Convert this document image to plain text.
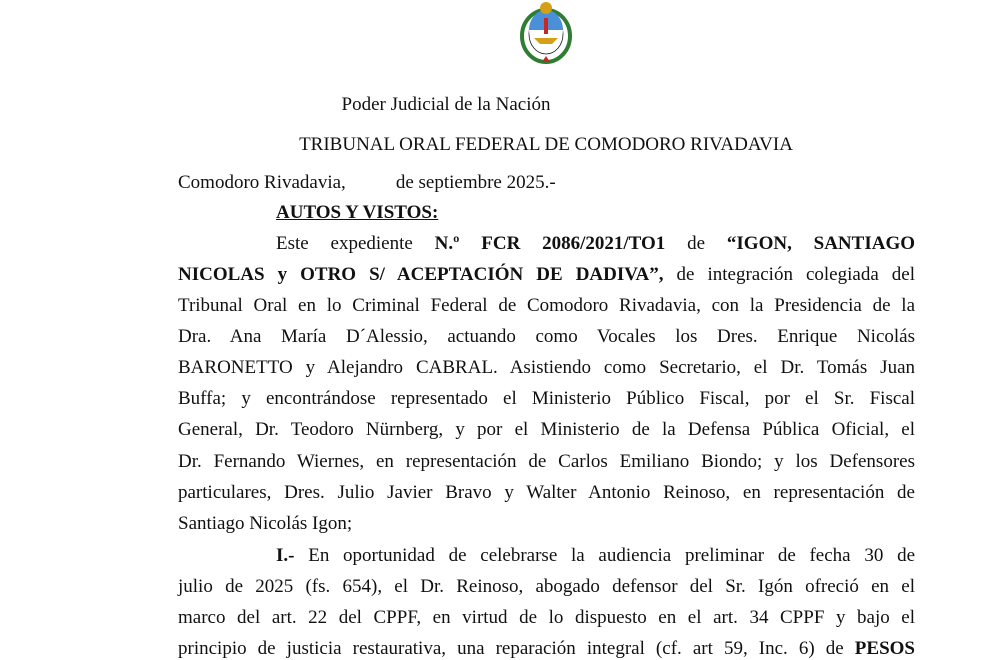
Poder Judicial de la Nación
TRIBUNAL ORAL FEDERAL DE COMODORO RIVADAVIA
Comodoro Rivadavia,	de septiembre 2025.-
AUTOS Y VISTOS:
Este expediente N.º FCR 2086/2021/TO1 de “IGON, SANTIAGO
NICOLAS y OTRO S/ ACEPTACIÓN DE DADIVA”, de integración colegiada del
Tribunal Oral en lo Criminal Federal de Comodoro Rivadavia, con la Presidencia de la
Dra. Ana María D´Alessio, actuando como Vocales los Dres. Enrique Nicolás
BARONETTO y Alejandro CABRAL. Asistiendo como Secretario, el Dr. Tomás Juan
Buffa; y encontrándose representado el Ministerio Público Fiscal, por el Sr. Fiscal
General, Dr. Teodoro Nürnberg, y por el Ministerio de la Defensa Pública Oficial, el
Dr. Fernando Wiernes, en representación de Carlos Emiliano Biondo; y los Defensores
particulares, Dres. Julio Javier Bravo y Walter Antonio Reinoso, en representación de
Santiago Nicolás Igon;
I.- En oportunidad de celebrarse la audiencia preliminar de fecha 30 de
julio de 2025 (fs. 654), el Dr. Reinoso, abogado defensor del Sr. Igón ofreció en el
marco del art. 22 del CPPF, en virtud de lo dispuesto en el art. 34 CPPF y bajo el
principio de justicia restaurativa, una reparación integral (cf. art 59, Inc. 6) de PESOS
